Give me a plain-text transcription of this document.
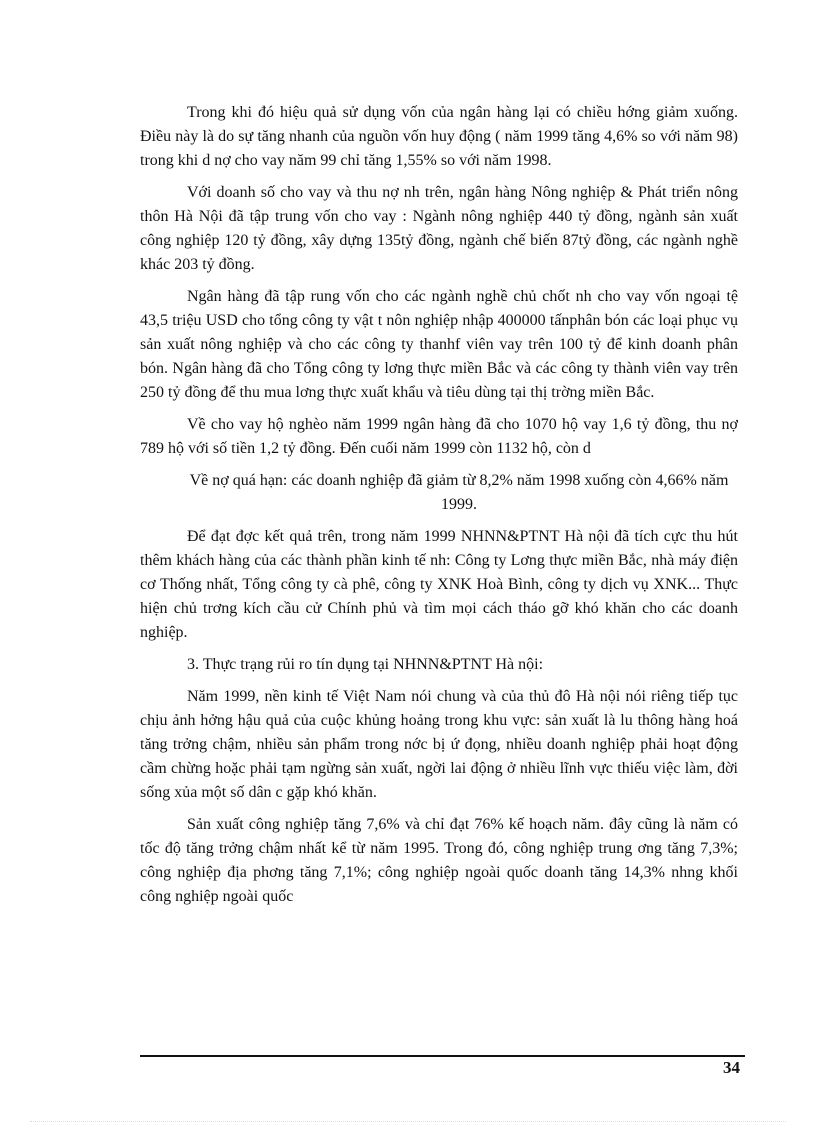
Trong khi đó hiệu quả sử dụng vốn của ngân hàng lại có chiều hớng giảm xuống. Điều này là do sự tăng nhanh của nguồn vốn huy động ( năm 1999 tăng 4,6% so với năm 98) trong khi d nợ cho vay năm 99 chỉ tăng 1,55% so với năm 1998.

Với doanh số cho vay và thu nợ nh trên, ngân hàng Nông nghiệp & Phát triển nông thôn Hà Nội đã tập trung vốn cho vay : Ngành nông nghiệp 440 tỷ đồng, ngành sản xuất công nghiệp 120 tỷ đồng, xây dựng 135tỷ đồng, ngành chế biến 87tỷ đồng, các ngành nghề khác 203 tỷ đồng.

Ngân hàng đã tập rung vốn cho các ngành nghề chủ chốt nh cho vay vốn ngoại tệ 43,5 triệu USD cho tổng công ty vật t nôn nghiệp nhập 400000 tấnphân bón các loại phục vụ sản xuất nông nghiệp và cho các công ty thanhf viên vay trên 100 tỷ để kinh doanh phân bón. Ngân hàng đã cho Tổng công ty lơng thực miền Bắc và các công ty thành viên vay trên 250 tỷ đồng để thu mua lơng thực xuất khẩu và tiêu dùng tại thị trờng miền Bắc.

Về cho vay hộ nghèo năm 1999 ngân hàng đã cho 1070 hộ vay 1,6 tỷ đồng, thu nợ 789 hộ với số tiền 1,2 tỷ đồng. Đến cuối năm 1999 còn 1132 hộ, còn d

Về nợ quá hạn: các doanh nghiệp đã giảm từ 8,2% năm 1998 xuống còn 4,66% năm 1999.

Để đạt đợc kết quả trên, trong năm 1999 NHNN&PTNT Hà nội đã tích cực thu hút thêm khách hàng của các thành phần kinh tế nh: Công ty Lơng thực miền Bắc, nhà máy điện cơ Thống nhất, Tổng công ty cà phê, công ty XNK Hoà Bình, công ty dịch vụ XNK... Thực hiện chủ trơng kích cầu cử Chính phủ và tìm mọi cách tháo gỡ khó khăn cho các doanh nghiệp.

3. Thực trạng rủi ro tín dụng tại NHNN&PTNT Hà nội:

Năm 1999, nền kinh tế Việt Nam nói chung và của thủ đô Hà nội nói riêng tiếp tục chịu ảnh hởng hậu quả của cuộc khủng hoảng trong khu vực: sản xuất là lu thông hàng hoá tăng trởng chậm, nhiều sản phẩm trong nớc bị ứ đọng, nhiều doanh nghiệp phải hoạt động cầm chừng hoặc phải tạm ngừng sản xuất, ngời lai động ở nhiều lĩnh vực thiếu việc làm, đời sống xủa một số dân c gặp khó khăn.

Sản xuất công nghiệp tăng 7,6% và chỉ đạt 76% kế hoạch năm. đây cũng là năm có tốc độ tăng trởng chậm nhất kể từ năm 1995. Trong đó, công nghiệp trung ơng tăng 7,3%; công nghiệp địa phơng tăng 7,1%; công nghiệp ngoài quốc doanh tăng 14,3% nhng khối công nghiệp ngoài quốc

34
